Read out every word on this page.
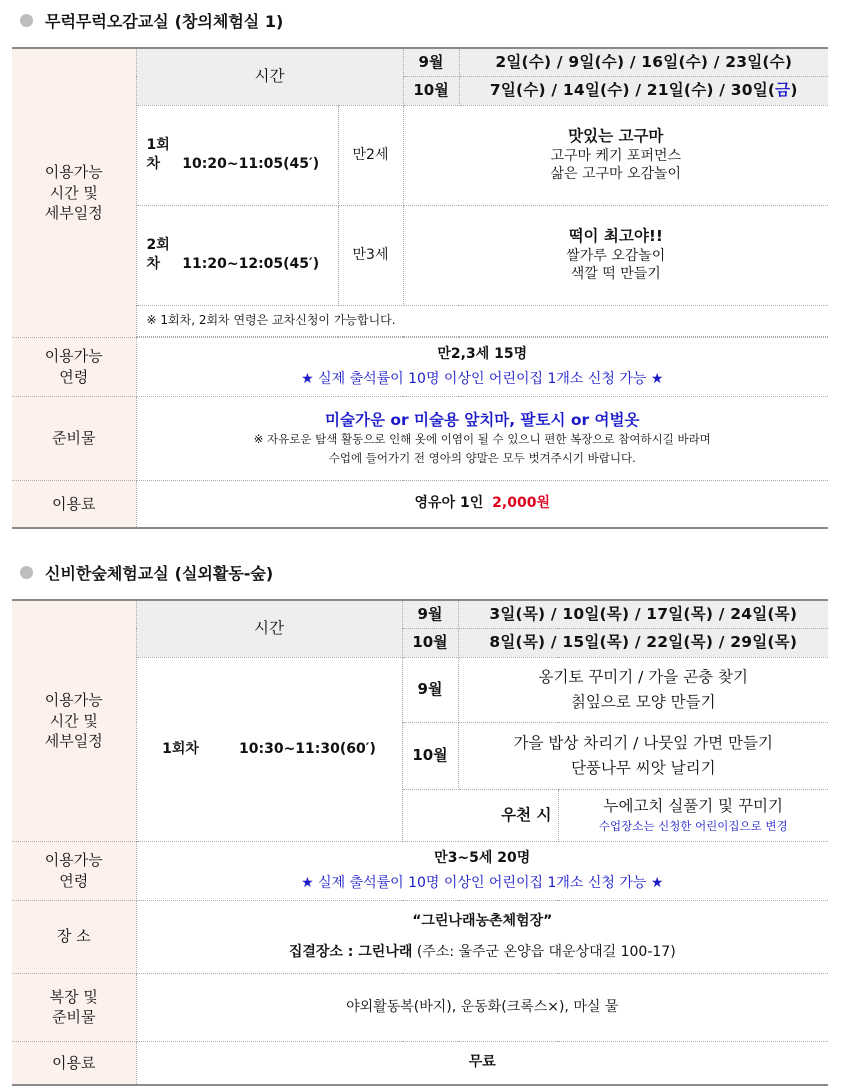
무럭무럭오감교실 (창의체험실 1)
이용가능
시간 및
세부일정	시간		9월	2일(수) / 9일(수) / 16일(수) / 23일(수)
			10월	7일(수) / 14일(수) / 21일(수) / 30일(금)
	1회차 10:20~11:05(45′)	만2세	맛있는 고구마
고구마 케기 포퍼먼스
삶은 고구마 오감놀이	

	2회차 11:20~12:05(45′)	만3세	떡이 최고야!!
쌀가루 오감놀이
색깔 떡 만들기	

	※ 1회차, 2회차 연령은 교차신청이 가능합니다.			

이용가능
연령	만2,3세 15명
★ 실제 출석률이 10명 이상인 어린이집 1개소 신청 가능 ★			

준비물	미술가운 or 미술용 앞치마, 팔토시 or 여벌옷
※ 자유로운 탐색 활동으로 인해 옷에 이염이 될 수 있으니 편한 복장으로 참여하시길 바라며
수업에 들어가기 전 영아의 양말은 모두 벗겨주시기 바랍니다.			

이용료	영유아 1인 2,000원			
신비한숲체험교실 (실외활동-숲)
이용가능
시간 및
세부일정	시간	9월	3일(목) / 10일(목) / 17일(목) / 24일(목)	
		10월	8일(목) / 15일(목) / 22일(목) / 29일(목)	
	1회차 10:30~11:30(60′)	9월	옹기토 꾸미기 / 가을 곤충 찾기
칡잎으로 모양 만들기	

		10월	가을 밥상 차리기 / 나뭇잎 가면 만들기
단풍나무 씨앗 날리기	

		우천 시		누에고치 실풀기 및 꾸미기
수업장소는 신청한 어린이집으로 변경

이용가능
연령	만3~5세 20명
★ 실제 출석률이 10명 이상인 어린이집 1개소 신청 가능 ★			

장 소	“그린나래농촌체험장”
집결장소 : 그린나래 (주소: 울주군 온양읍 대운상대길 100-17)			

복장 및
준비물	야외활동복(바지), 운동화(크록스×), 마실 물			
이용료	무료			
